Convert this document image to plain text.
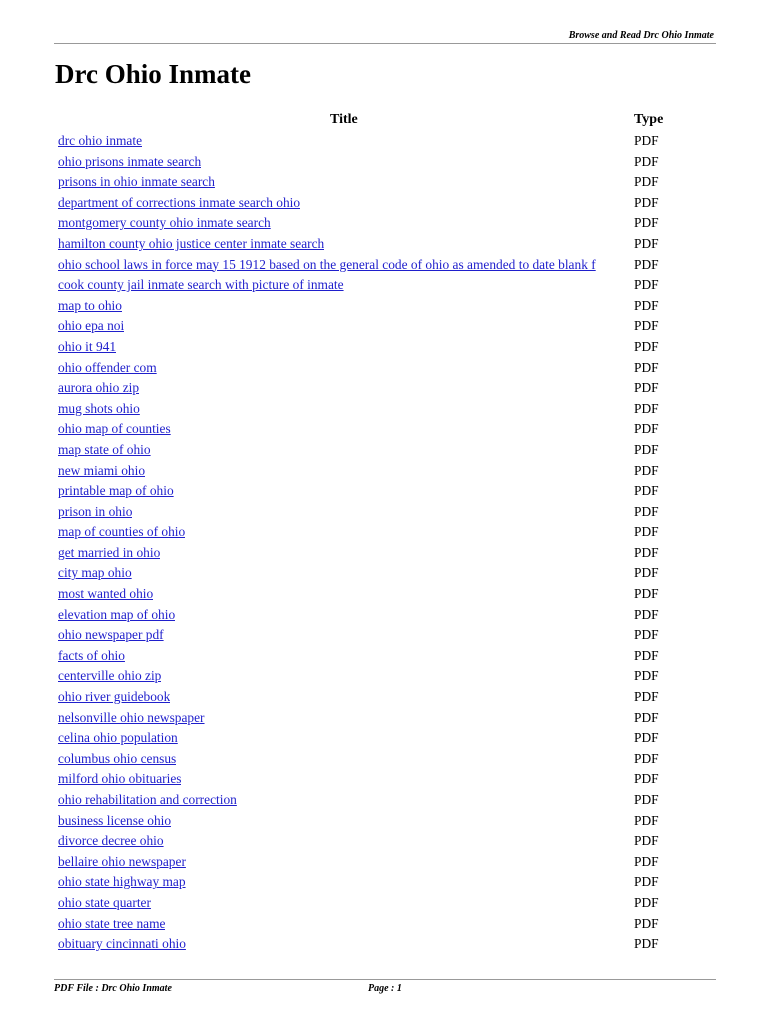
Browse and Read Drc Ohio Inmate
Drc Ohio Inmate
Title	Type
drc ohio inmate	PDF
ohio prisons inmate search	PDF
prisons in ohio inmate search	PDF
department of corrections inmate search ohio	PDF
montgomery county ohio inmate search	PDF
hamilton county ohio justice center inmate search	PDF
ohio school laws in force may 15 1912 based on the general code of ohio as amended to date blank f	PDF
cook county jail inmate search with picture of inmate	PDF
map to ohio	PDF
ohio epa noi	PDF
ohio it 941	PDF
ohio offender com	PDF
aurora ohio zip	PDF
mug shots ohio	PDF
ohio map of counties	PDF
map state of ohio	PDF
new miami ohio	PDF
printable map of ohio	PDF
prison in ohio	PDF
map of counties of ohio	PDF
get married in ohio	PDF
city map ohio	PDF
most wanted ohio	PDF
elevation map of ohio	PDF
ohio newspaper pdf	PDF
facts of ohio	PDF
centerville ohio zip	PDF
ohio river guidebook	PDF
nelsonville ohio newspaper	PDF
celina ohio population	PDF
columbus ohio census	PDF
milford ohio obituaries	PDF
ohio rehabilitation and correction	PDF
business license ohio	PDF
divorce decree ohio	PDF
bellaire ohio newspaper	PDF
ohio state highway map	PDF
ohio state quarter	PDF
ohio state tree name	PDF
obituary cincinnati ohio	PDF
PDF File : Drc Ohio Inmate	Page : 1
